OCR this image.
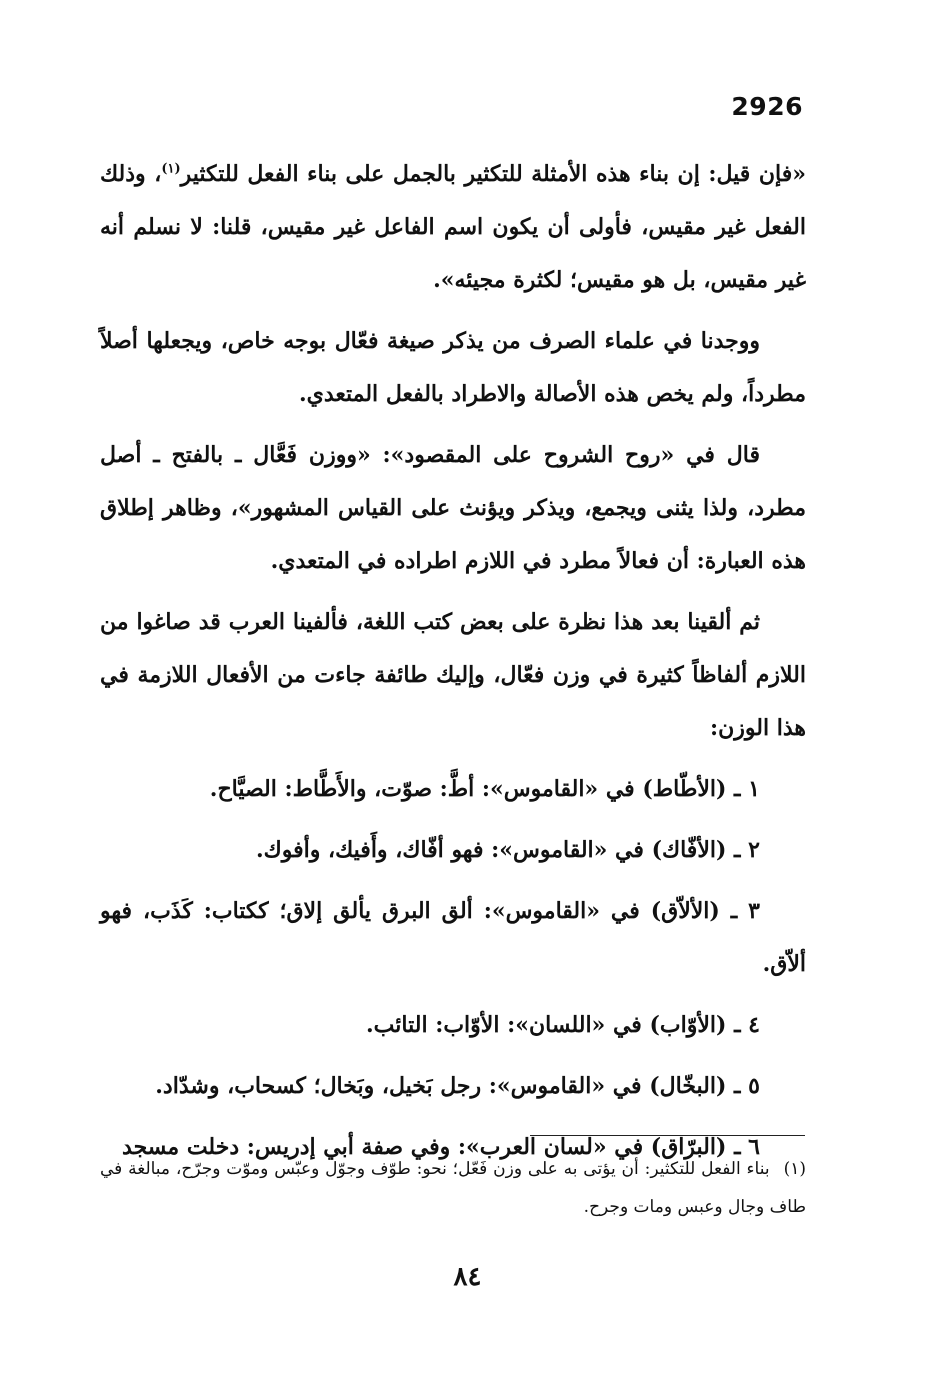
2926

«فإن قيل: إن بناء هذه الأمثلة للتكثير بالجمل على بناء الفعل للتكثير$^{(١)}$، وذلك الفعل غير مقيس، فأولى أن يكون اسم الفاعل غير مقيس، قلنا: لا نسلم أنه غير مقيس، بل هو مقيس؛ لكثرة مجيئه».

ووجدنا في علماء الصرف من يذكر صيغة فعّال بوجه خاص، ويجعلها أصلاً مطرداً، ولم يخص هذه الأصالة والاطراد بالفعل المتعدي.

قال في «روح الشروح على المقصود»: «ووزن فَعَّال ـ بالفتح ـ أصل مطرد، ولذا يثنى ويجمع، ويذكر ويؤنث على القياس المشهور»، وظاهر إطلاق هذه العبارة: أن فعالاً مطرد في اللازم اطراده في المتعدي.

ثم ألقينا بعد هذا نظرة على بعض كتب اللغة، فألفينا العرب قد صاغوا من اللازم ألفاظاً كثيرة في وزن فعّال، وإليك طائفة جاءت من الأفعال اللازمة في هذا الوزن:

١ ـ (الأطّاط) في «القاموس»: أطَّ: صوّت، والأَطَّاط: الصيَّاح.

٢ ـ (الأفّاك) في «القاموس»: فهو أفّاك، وأَفيك، وأفوك.

٣ ـ (الألاّق) في «القاموس»: ألق البرق يألق إلاق؛ ككتاب: كَذَب، فهو ألاّق.

٤ ـ (الأوّاب) في «اللسان»: الأوّاب: التائب.

٥ ـ (البخّال) في «القاموس»: رجل بَخيل، وبَخال؛ كسحاب، وشدّاد.

٦ ـ (البرّاق) في «لسان العرب»: وفي صفة أبي إدريس: دخلت مسجد

(١)بناء الفعل للتكثير: أن يؤتى به على وزن فَعّل؛ نحو: طوّف وجوّل وعبّس وموّت وجرّح، مبالغة في طاف وجال وعبس ومات وجرح.
٨٤
